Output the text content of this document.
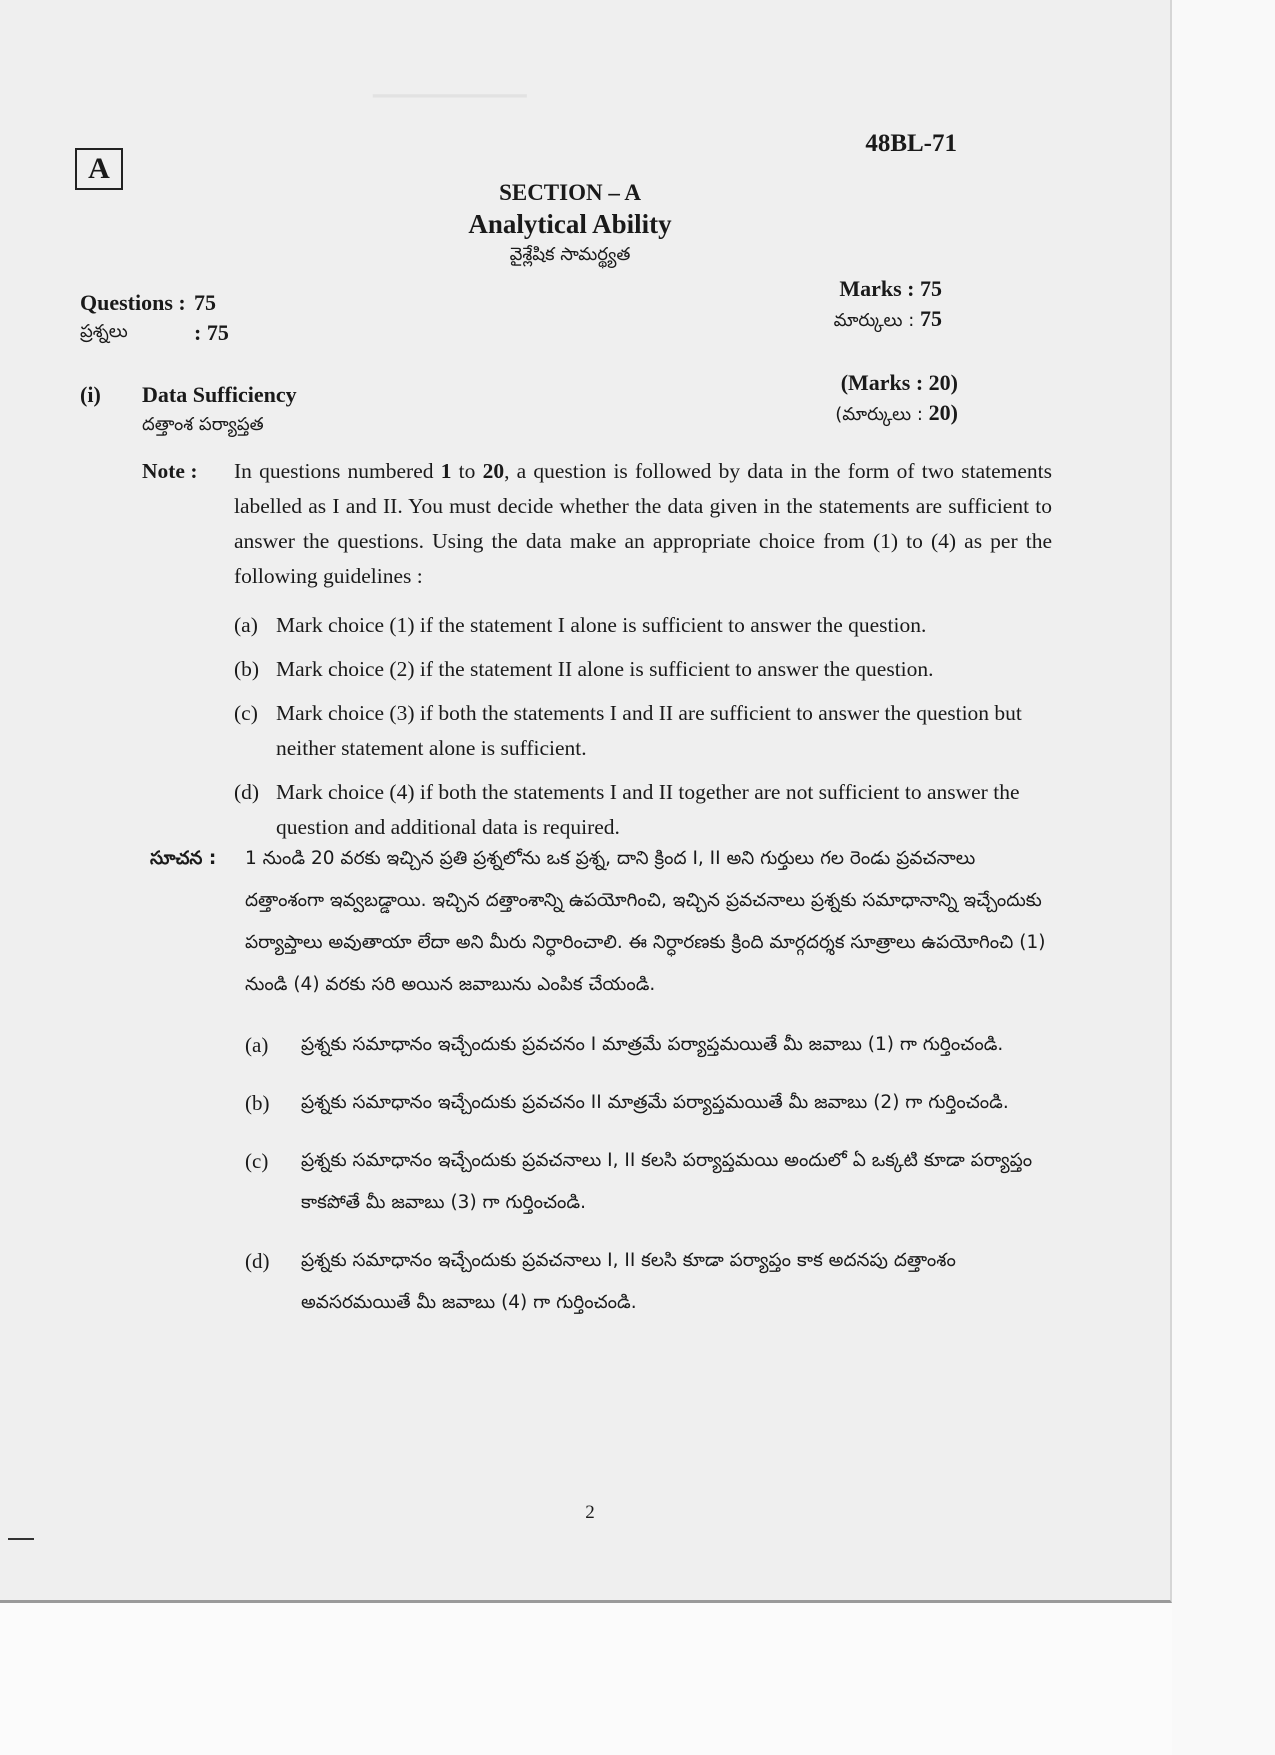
⸻
A
48BL-71
SECTION – A
Analytical Ability
వైశ్లేషిక సామర్థ్యత
Questions : 75
ప్రశ్నలు	: 75
Marks : 75
మార్కులు : 75
(i) Data Sufficiency
దత్తాంశ పర్యాప్తత
(Marks : 20)
(మార్కులు : 20)
Note : In questions numbered 1 to 20, a question is followed by data in the form of two statements labelled as I and II. You must decide whether the data given in the statements are sufficient to answer the questions. Using the data make an appropriate choice from (1) to (4) as per the following guidelines :
(a) Mark choice (1) if the statement I alone is sufficient to answer the question.
(b) Mark choice (2) if the statement II alone is sufficient to answer the question.
(c) Mark choice (3) if both the statements I and II are sufficient to answer the question but neither statement alone is sufficient.
(d) Mark choice (4) if both the statements I and II together are not sufficient to answer the question and additional data is required.
సూచన : 1 నుండి 20 వరకు ఇచ్చిన ప్రతి ప్రశ్నలోను ఒక ప్రశ్న, దాని క్రింద I, II అని గుర్తులు గల రెండు ప్రవచనాలు దత్తాంశంగా ఇవ్వబడ్డాయి. ఇచ్చిన దత్తాంశాన్ని ఉపయోగించి, ఇచ్చిన ప్రవచనాలు ప్రశ్నకు సమాధానాన్ని ఇచ్చేందుకు పర్యాప్తాలు అవుతాయా లేదా అని మీరు నిర్ధారించాలి. ఈ నిర్ధారణకు క్రింది మార్గదర్శక సూత్రాలు ఉపయోగించి (1) నుండి (4) వరకు సరి అయిన జవాబును ఎంపిక చేయండి.
(a)	ప్రశ్నకు సమాధానం ఇచ్చేందుకు ప్రవచనం I మాత్రమే పర్యాప్తమయితే మీ జవాబు (1) గా గుర్తించండి.
(b)	ప్రశ్నకు సమాధానం ఇచ్చేందుకు ప్రవచనం II మాత్రమే పర్యాప్తమయితే మీ జవాబు (2) గా గుర్తించండి.
(c)	ప్రశ్నకు సమాధానం ఇచ్చేందుకు ప్రవచనాలు I, II కలసి పర్యాప్తమయి అందులో ఏ ఒక్కటి కూడా పర్యాప్తం కాకపోతే మీ జవాబు (3) గా గుర్తించండి.
(d)	ప్రశ్నకు సమాధానం ఇచ్చేందుకు ప్రవచనాలు I, II కలసి కూడా పర్యాప్తం కాక అదనపు దత్తాంశం అవసరమయితే మీ జవాబు (4) గా గుర్తించండి.
2
